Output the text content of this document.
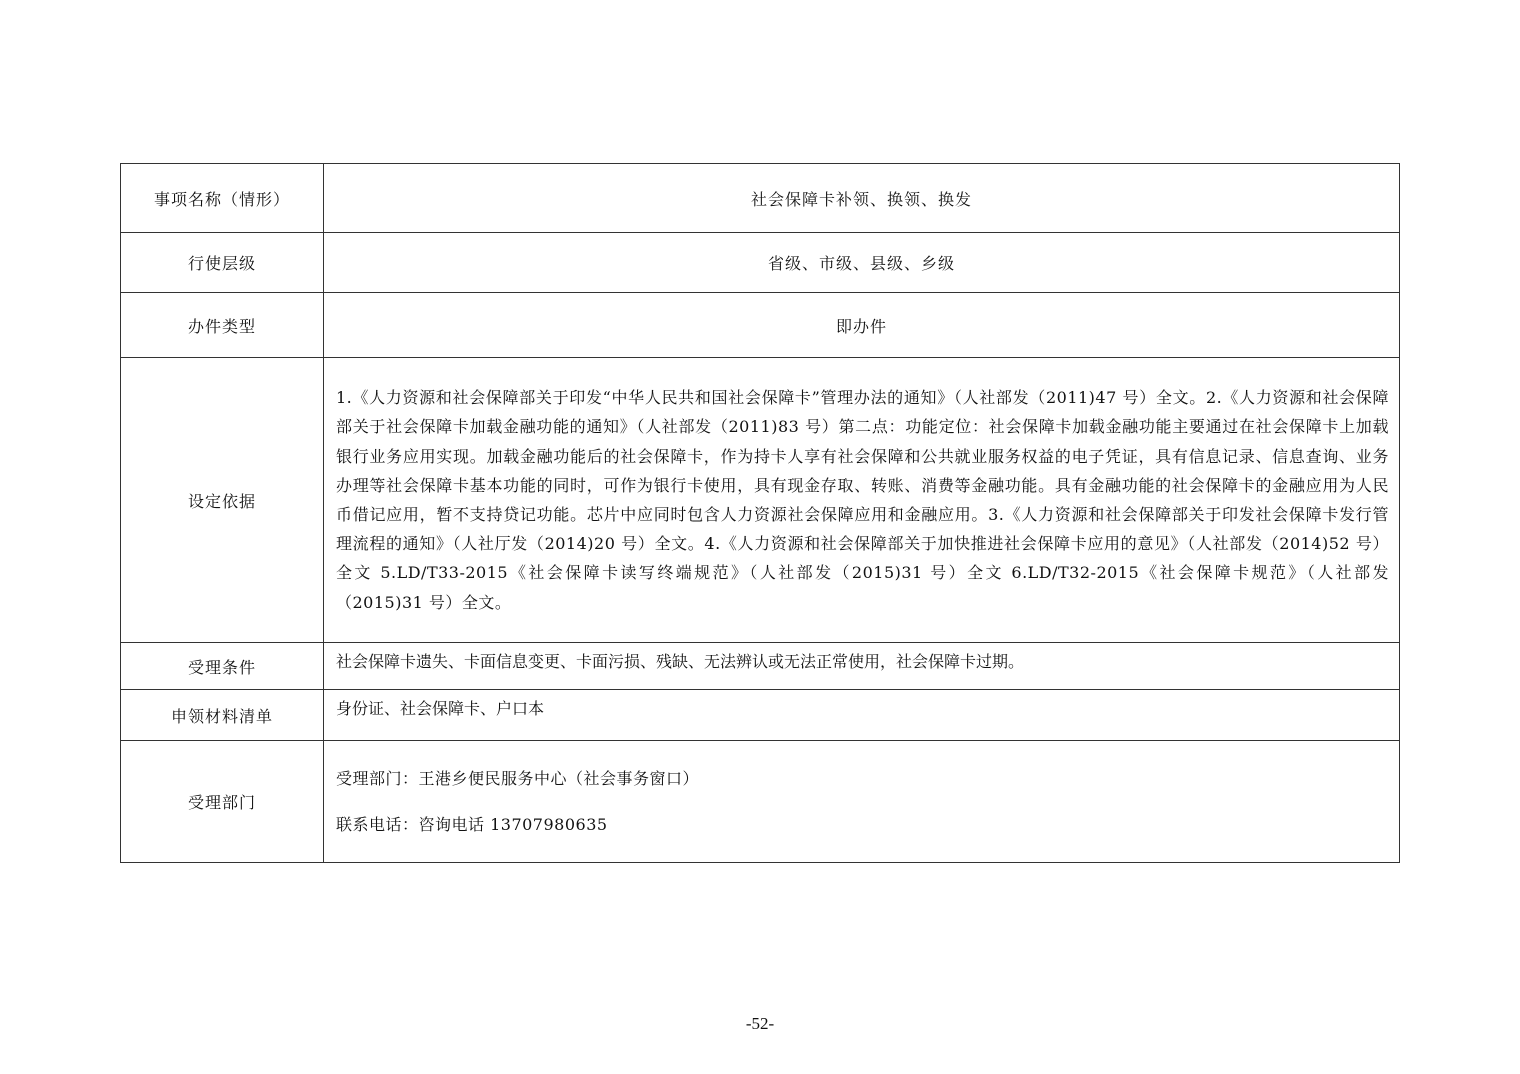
事项名称（情形）	社会保障卡补领、换领、换发
行使层级	省级、市级、县级、乡级
办件类型	即办件
设定依据	1.《人力资源和社会保障部关于印发“中华人民共和国社会保障卡”管理办法的通知》（人社部发（2011)47 号）全文。2.《人力资源和社会保障部关于社会保障卡加载金融功能的通知》（人社部发（2011)83 号）第二点：功能定位：社会保障卡加载金融功能主要通过在社会保障卡上加载银行业务应用实现。加载金融功能后的社会保障卡，作为持卡人享有社会保障和公共就业服务权益的电子凭证，具有信息记录、信息查询、业务办理等社会保障卡基本功能的同时，可作为银行卡使用，具有现金存取、转账、消费等金融功能。具有金融功能的社会保障卡的金融应用为人民币借记应用，暂不支持贷记功能。芯片中应同时包含人力资源社会保障应用和金融应用。3.《人力资源和社会保障部关于印发社会保障卡发行管理流程的通知》（人社厅发（2014)20 号）全文。4.《人力资源和社会保障部关于加快推进社会保障卡应用的意见》（人社部发（2014)52 号）全文 5.LD/T33-2015《社会保障卡读写终端规范》（人社部发（2015)31 号）全文 6.LD/T32-2015《社会保障卡规范》（人社部发（2015)31 号）全文。
受理条件	社会保障卡遗失、卡面信息变更、卡面污损、残缺、无法辨认或无法正常使用，社会保障卡过期。
申领材料清单	身份证、社会保障卡、户口本
受理部门	受理部门：王港乡便民服务中心（社会事务窗口）
联系电话：咨询电话 13707980635
-52-
